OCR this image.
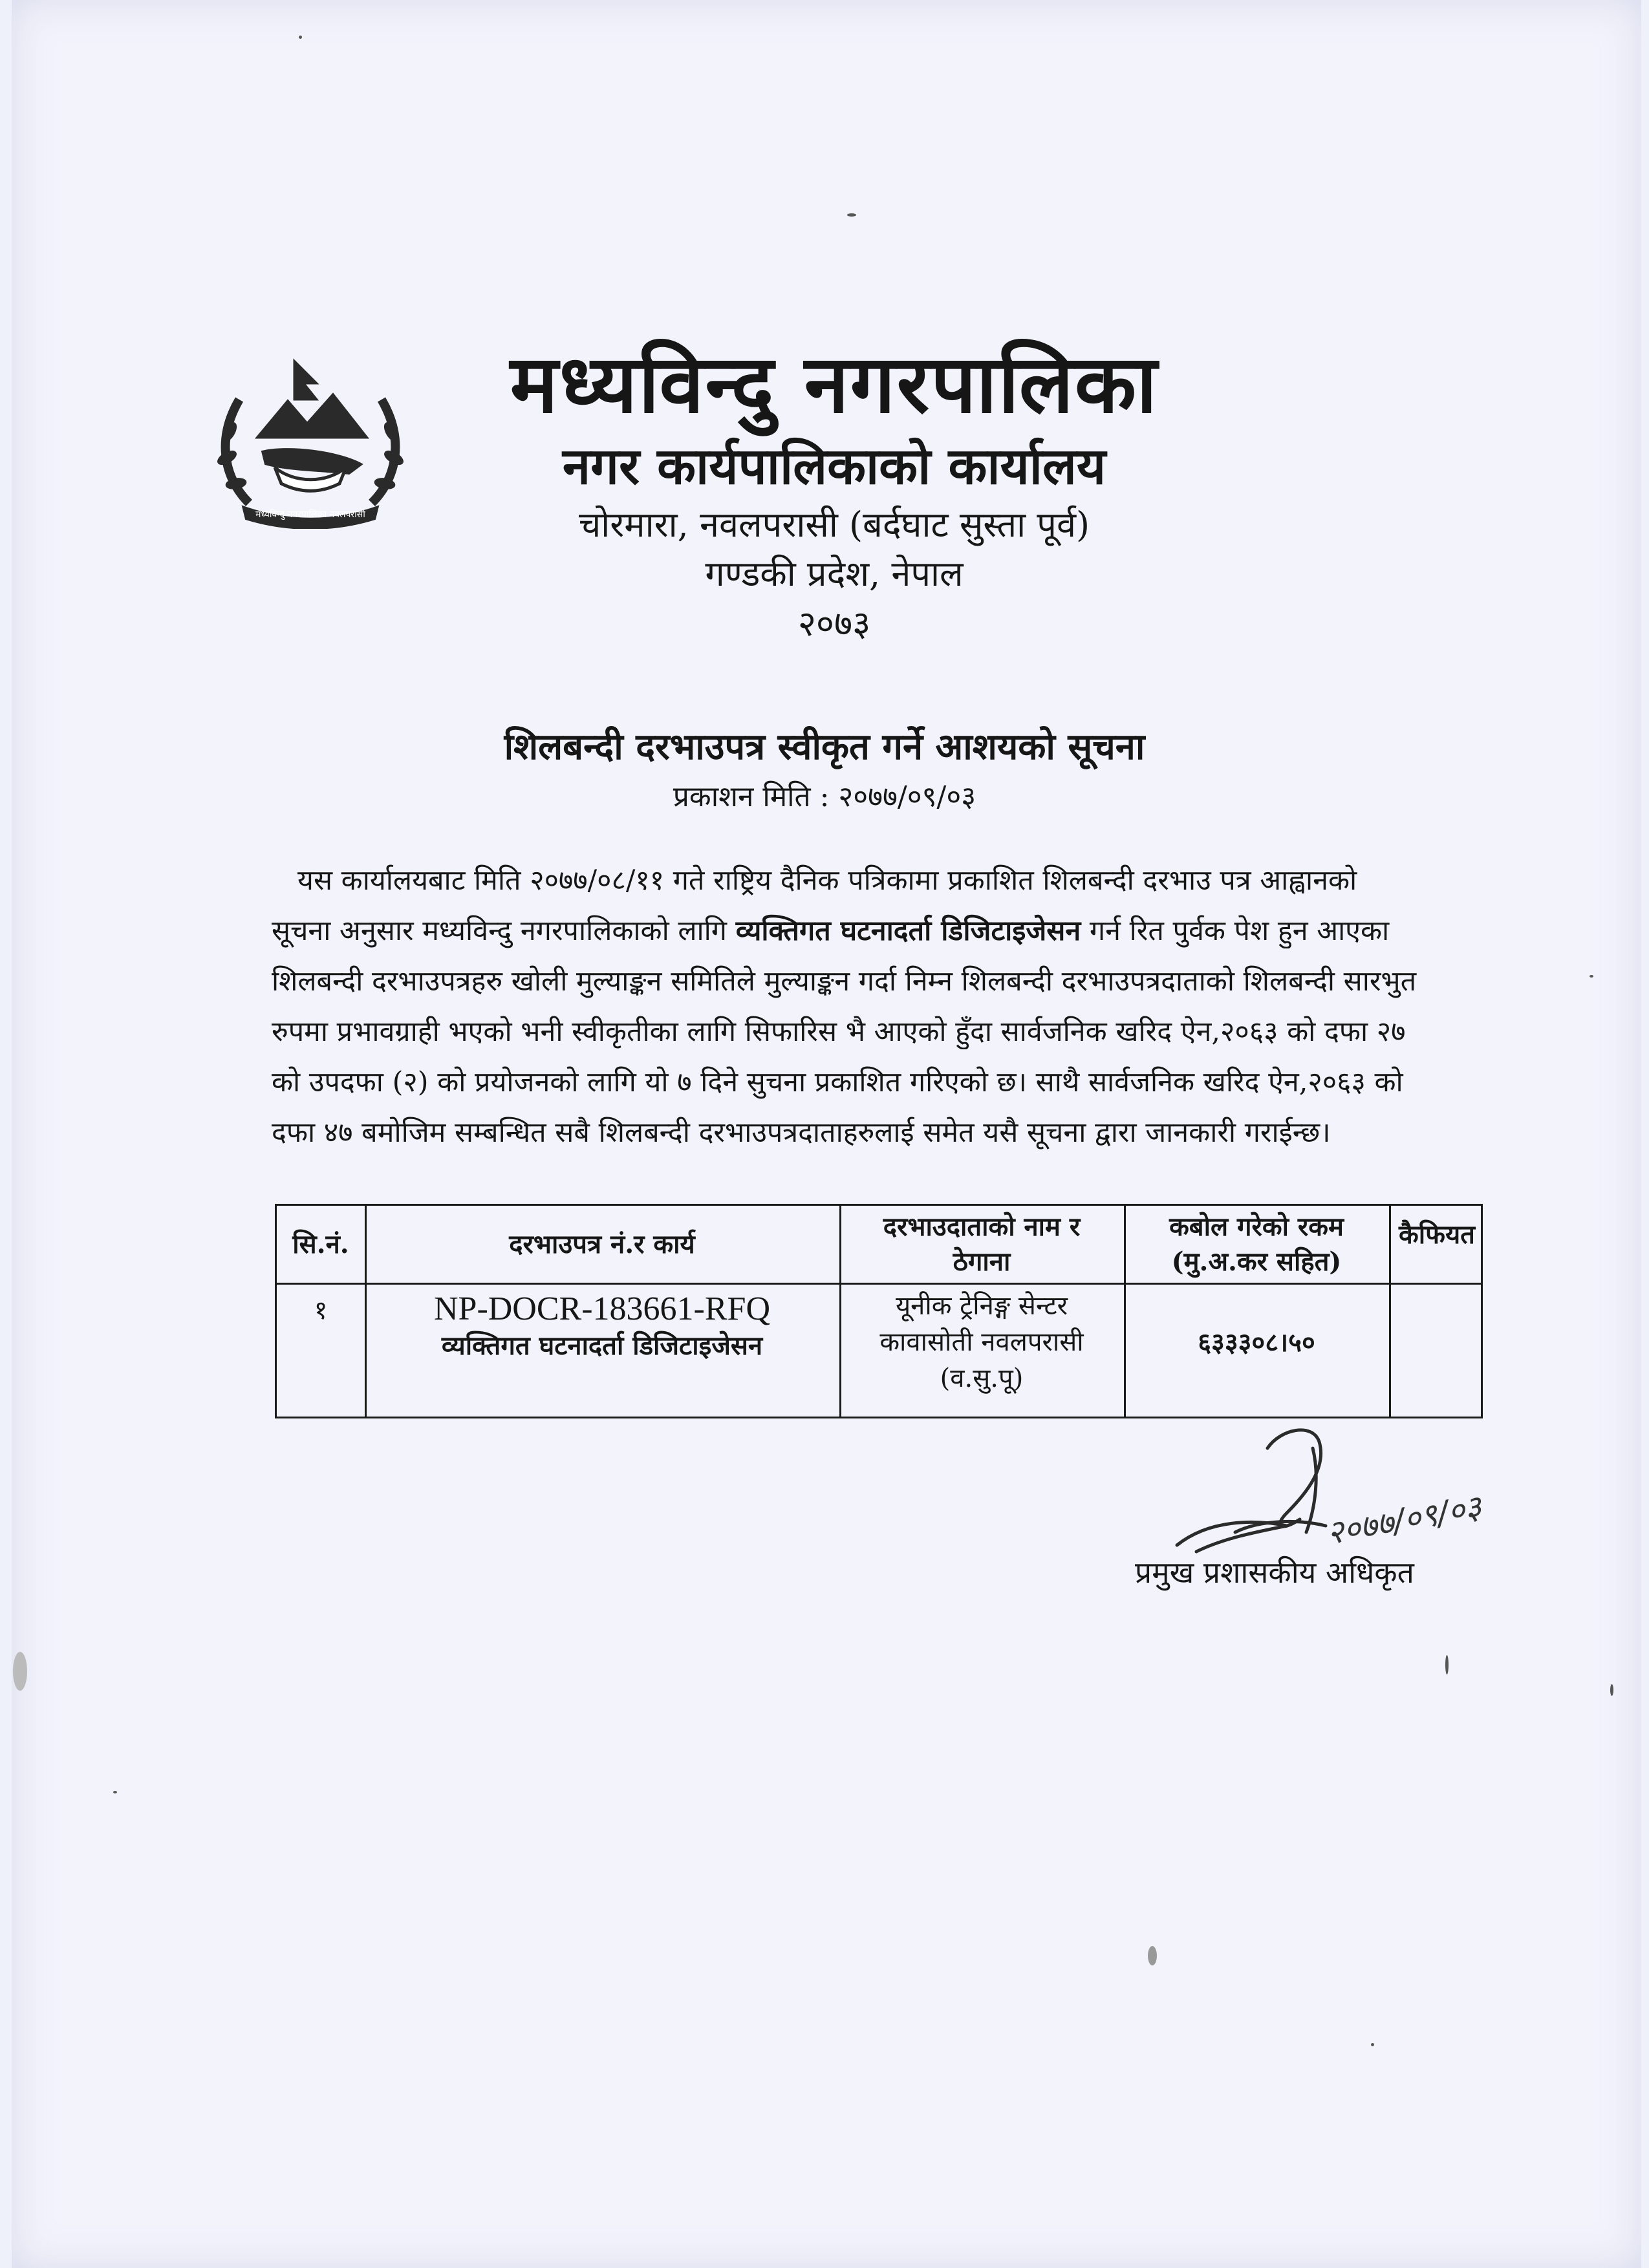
मध्यविन्दु नगरपालिका नवलपरासी
मध्यविन्दु नगरपालिका
नगर कार्यपालिकाको कार्यालय
चोरमारा, नवलपरासी (बर्दघाट सुस्ता पूर्व)
गण्डकी प्रदेश, नेपाल
२०७३
शिलबन्दी दरभाउपत्र स्वीकृत गर्ने आशयको सूचना
प्रकाशन मिति : २०७७/०९/०३
यस कार्यालयबाट मिति २०७७/०८/११ गते राष्ट्रिय दैनिक पत्रिकामा प्रकाशित शिलबन्दी दरभाउ पत्र आह्वानको
सूचना अनुसार मध्यविन्दु नगरपालिकाको लागि व्यक्तिगत घटनादर्ता डिजिटाइजेसन गर्न रित पुर्वक पेश हुन आएका
शिलबन्दी दरभाउपत्रहरु खोली मुल्याङ्कन समितिले मुल्याङ्कन गर्दा निम्न शिलबन्दी दरभाउपत्रदाताको शिलबन्दी सारभुत
रुपमा प्रभावग्राही भएको भनी स्वीकृतीका लागि सिफारिस भै आएको हुँदा सार्वजनिक खरिद ऐन,२०६३ को दफा २७
को उपदफा (२) को प्रयोजनको लागि यो ७ दिने सुचना प्रकाशित गरिएको छ। साथै सार्वजनिक खरिद ऐन,२०६३ को
दफा ४७ बमोजिम सम्बन्धित सबै शिलबन्दी दरभाउपत्रदाताहरुलाई समेत यसै सूचना द्वारा जानकारी गराईन्छ।
सि.नं.	दरभाउपत्र नं.र कार्य
दरभाउदाताको नाम र
ठेगाना
कबोल गरेको रकम
(मु.अ.कर सहित)
कैफियत
१	NP-DOCR-183661-RFQ
व्यक्तिगत घटनादर्ता डिजिटाइजेसन
यूनीक ट्रेनिङ्ग सेन्टर
कावासोती नवलपरासी
(व.सु.पू)
६३३३०८।५०
२०७७/०९/०३
प्रमुख प्रशासकीय अधिकृत
